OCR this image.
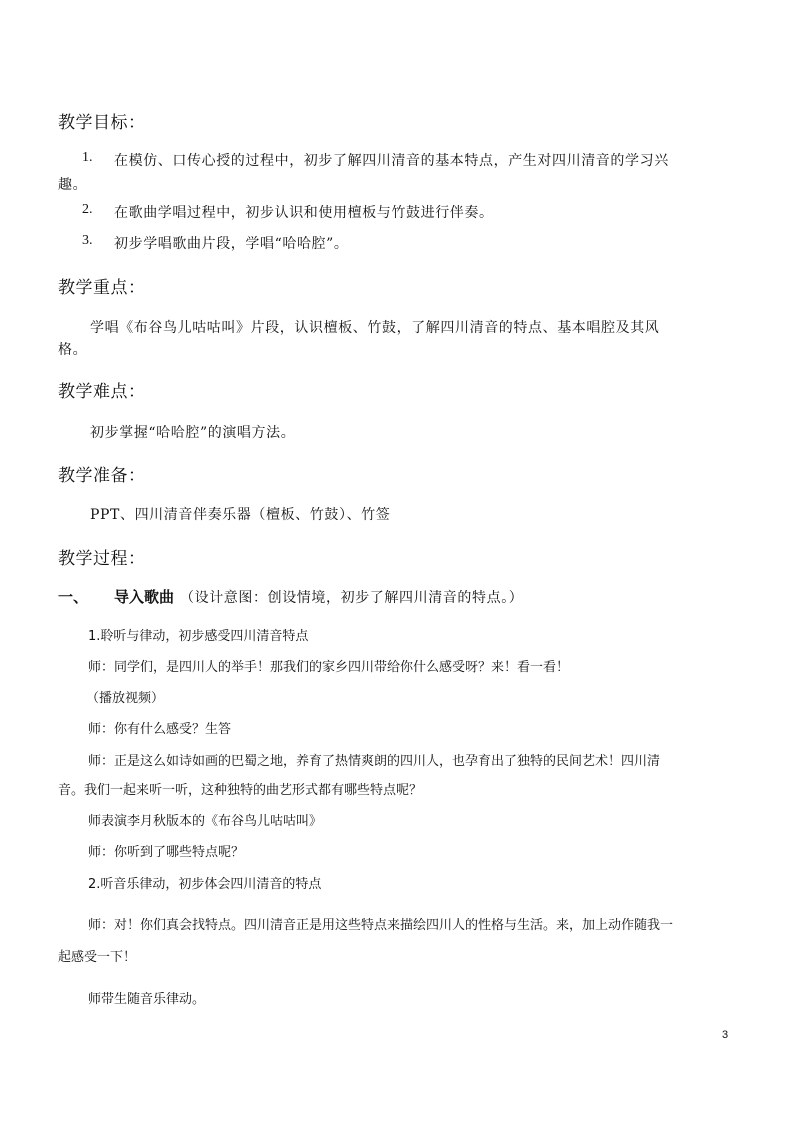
教学目标：
1. 在模仿、口传心授的过程中，初步了解四川清音的基本特点，产生对四川清音的学习兴
趣。
2. 在歌曲学唱过程中，初步认识和使用檀板与竹鼓进行伴奏。
3. 初步学唱歌曲片段，学唱“哈哈腔”。
教学重点：
学唱《布谷鸟儿咕咕叫》片段，认识檀板、竹鼓，了解四川清音的特点、基本唱腔及其风
格。
教学难点：
初步掌握“哈哈腔”的演唱方法。
教学准备：
PPT、四川清音伴奏乐器（檀板、竹鼓）、竹签
教学过程：
一、 导入歌曲 （设计意图：创设情境，初步了解四川清音的特点。）
1.聆听与律动，初步感受四川清音特点
师：同学们，是四川人的举手！那我们的家乡四川带给你什么感受呀？来！看一看！
（播放视频）
师：你有什么感受？生答
师：正是这么如诗如画的巴蜀之地，养育了热情爽朗的四川人，也孕育出了独特的民间艺术！四川清
音。我们一起来听一听，这种独特的曲艺形式都有哪些特点呢？
师表演李月秋版本的《布谷鸟儿咕咕叫》
师：你听到了哪些特点呢？
2.听音乐律动，初步体会四川清音的特点
师：对！你们真会找特点。四川清音正是用这些特点来描绘四川人的性格与生活。来，加上动作随我一
起感受一下！
师带生随音乐律动。
3
